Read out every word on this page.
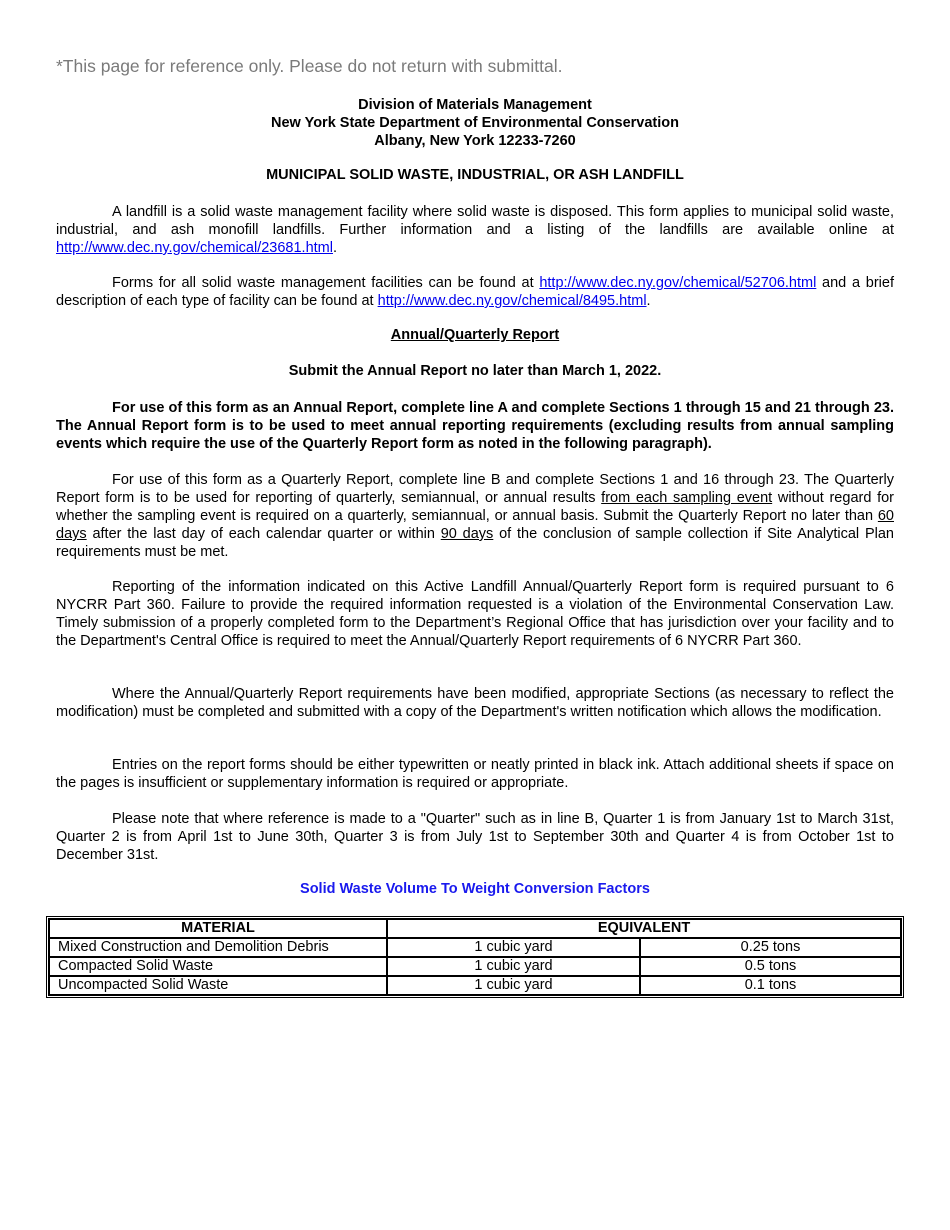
*This page for reference only. Please do not return with submittal.
Division of Materials Management
New York State Department of Environmental Conservation
Albany, New York 12233-7260
MUNICIPAL SOLID WASTE, INDUSTRIAL, OR ASH LANDFILL
A landfill is a solid waste management facility where solid waste is disposed. This form applies to municipal solid waste, industrial, and ash monofill landfills. Further information and a listing of the landfills are available online at http://www.dec.ny.gov/chemical/23681.html.
Forms for all solid waste management facilities can be found at http://www.dec.ny.gov/chemical/52706.html and a brief description of each type of facility can be found at http://www.dec.ny.gov/chemical/8495.html.
Annual/Quarterly Report
Submit the Annual Report no later than March 1, 2022.
For use of this form as an Annual Report, complete line A and complete Sections 1 through 15 and 21 through 23. The Annual Report form is to be used to meet annual reporting requirements (excluding results from annual sampling events which require the use of the Quarterly Report form as noted in the following paragraph).
For use of this form as a Quarterly Report, complete line B and complete Sections 1 and 16 through 23. The Quarterly Report form is to be used for reporting of quarterly, semiannual, or annual results from each sampling event without regard for whether the sampling event is required on a quarterly, semiannual, or annual basis. Submit the Quarterly Report no later than 60 days after the last day of each calendar quarter or within 90 days of the conclusion of sample collection if Site Analytical Plan requirements must be met.
Reporting of the information indicated on this Active Landfill Annual/Quarterly Report form is required pursuant to 6 NYCRR Part 360. Failure to provide the required information requested is a violation of the Environmental Conservation Law. Timely submission of a properly completed form to the Department’s Regional Office that has jurisdiction over your facility and to the Department's Central Office is required to meet the Annual/Quarterly Report requirements of 6 NYCRR Part 360.
Where the Annual/Quarterly Report requirements have been modified, appropriate Sections (as necessary to reflect the modification) must be completed and submitted with a copy of the Department's written notification which allows the modification.
Entries on the report forms should be either typewritten or neatly printed in black ink. Attach additional sheets if space on the pages is insufficient or supplementary information is required or appropriate.
Please note that where reference is made to a "Quarter" such as in line B, Quarter 1 is from January 1st to March 31st, Quarter 2 is from April 1st to June 30th, Quarter 3 is from July 1st to September 30th and Quarter 4 is from October 1st to December 31st.
Solid Waste Volume To Weight Conversion Factors
MATERIAL	EQUIVALENT	
Mixed Construction and Demolition Debris	1 cubic yard	0.25 tons
Compacted Solid Waste	1 cubic yard	0.5 tons
Uncompacted Solid Waste	1 cubic yard	0.1 tons
